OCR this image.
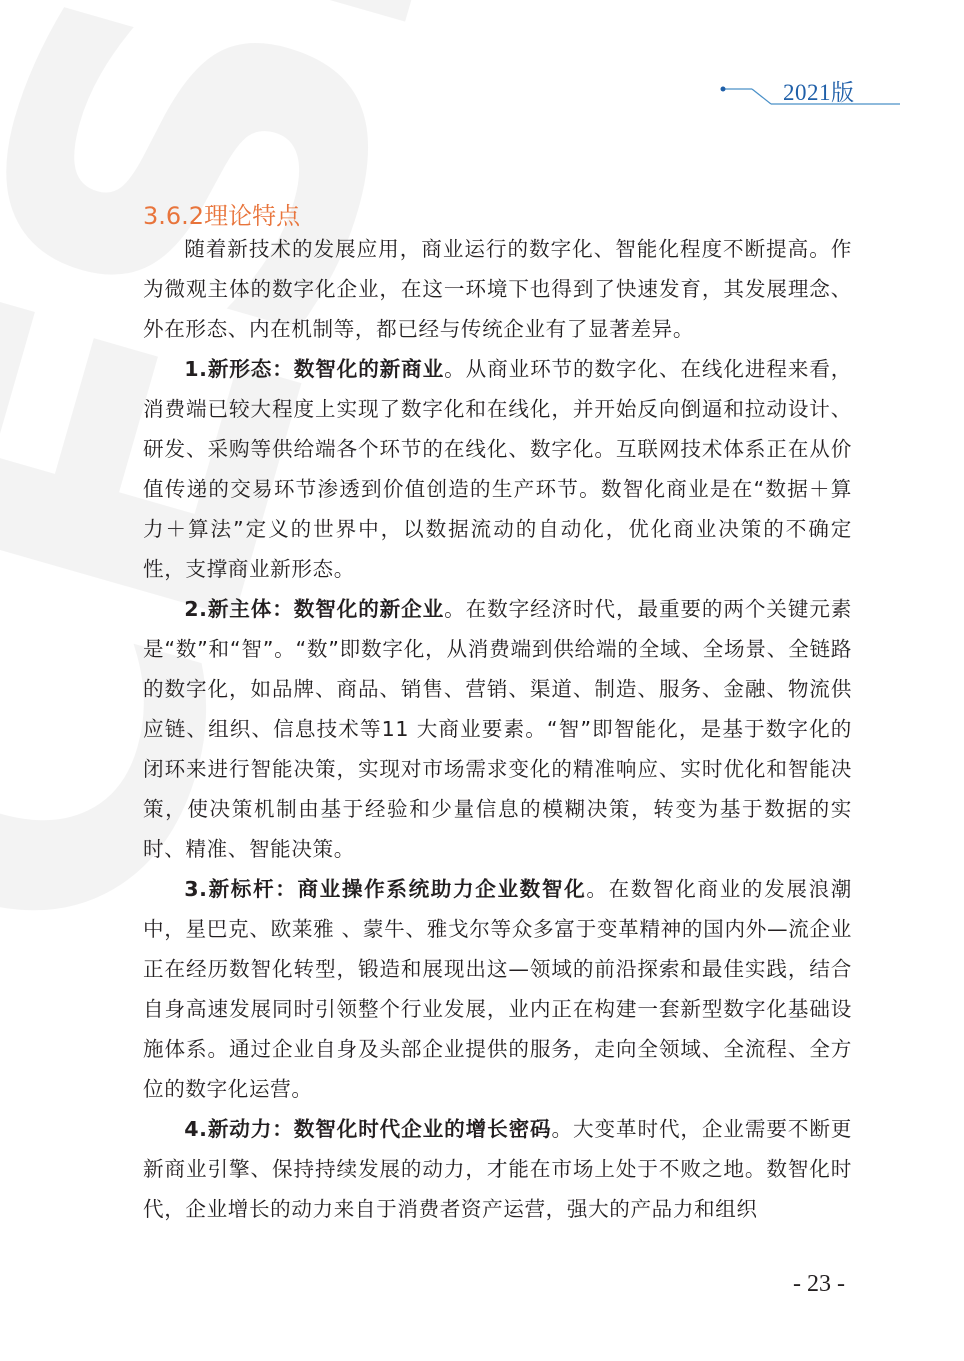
2021版
3.6.2理论特点

随着新技术的发展应用，商业运行的数字化、智能化程度不断提高。作为微观主体的数字化企业，在这一环境下也得到了快速发育，其发展理念、外在形态、内在机制等，都已经与传统企业有了显著差异。

1.新形态：数智化的新商业。从商业环节的数字化、在线化进程来看，消费端已较大程度上实现了数字化和在线化，并开始反向倒逼和拉动设计、研发、采购等供给端各个环节的在线化、数字化。互联网技术体系正在从价值传递的交易环节渗透到价值创造的生产环节。数智化商业是在“数据＋算力＋算法”定义的世界中，以数据流动的自动化，优化商业决策的不确定性，支撑商业新形态。

2.新主体：数智化的新企业。在数字经济时代，最重要的两个关键元素是“数”和“智”。“数”即数字化，从消费端到供给端的全域、全场景、全链路的数字化，如品牌、商品、销售、营销、渠道、制造、服务、金融、物流供应链、组织、信息技术等11 大商业要素。“智”即智能化，是基于数字化的闭环来进行智能决策，实现对市场需求变化的精准响应、实时优化和智能决策，使决策机制由基于经验和少量信息的模糊决策，转变为基于数据的实时、精准、智能决策。

3.新标杆：商业操作系统助力企业数智化。在数智化商业的发展浪潮中，星巴克、欧莱雅 、蒙牛、雅戈尔等众多富于变革精神的国内外—流企业正在经历数智化转型，锻造和展现出这—领域的前沿探索和最佳实践，结合自身高速发展同时引领整个行业发展，业内正在构建一套新型数字化基础设施体系。通过企业自身及头部企业提供的服务，走向全领域、全流程、全方位的数字化运营。

4.新动力：数智化时代企业的增长密码。大变革时代，企业需要不断更新商业引擎、保持持续发展的动力，才能在市场上处于不败之地。数智化时代，企业增长的动力来自于消费者资产运营，强大的产品力和组织

- 23 -
